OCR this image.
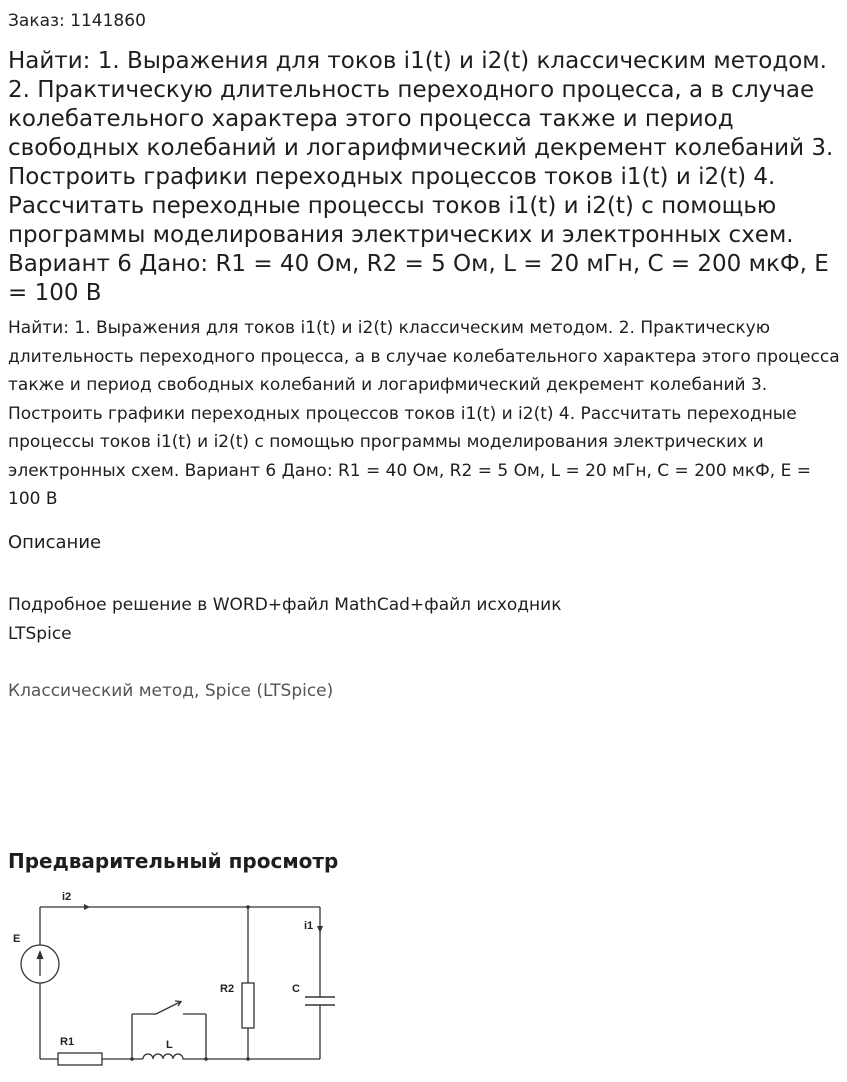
Заказ: 1141860
Найти: 1. Выражения для токов i1(t) и i2(t) классическим методом. 2. Практическую длительность переходного процесса, а в случае колебательного характера этого процесса также и период свободных колебаний и логарифмический декремент колебаний 3. Построить графики переходных процессов токов i1(t) и i2(t) 4. Рассчитать переходные процессы токов i1(t) и i2(t) с помощью программы моделирования электрических и электронных схем. Вариант 6 Дано: R1 = 40 Ом, R2 = 5 Ом, L = 20 мГн, С = 200 мкФ, Е = 100 В

Найти: 1. Выражения для токов i1(t) и i2(t) классическим методом. 2. Практическую длительность переходного процесса, а в случае колебательного характера этого процесса также и период свободных колебаний и логарифмический декремент колебаний 3. Построить графики переходных процессов токов i1(t) и i2(t) 4. Рассчитать переходные процессы токов i1(t) и i2(t) с помощью программы моделирования электрических и электронных схем. Вариант 6 Дано: R1 = 40 Ом, R2 = 5 Ом, L = 20 мГн, С = 200 мкФ, Е = 100 В

Описание

Подробное решение в WORD+файл MathCad+файл исходник LTSpice

Классический метод, Spice (LTSpice)
Предварительный просмотр
i2
E
i1
R2	C
R1	L
